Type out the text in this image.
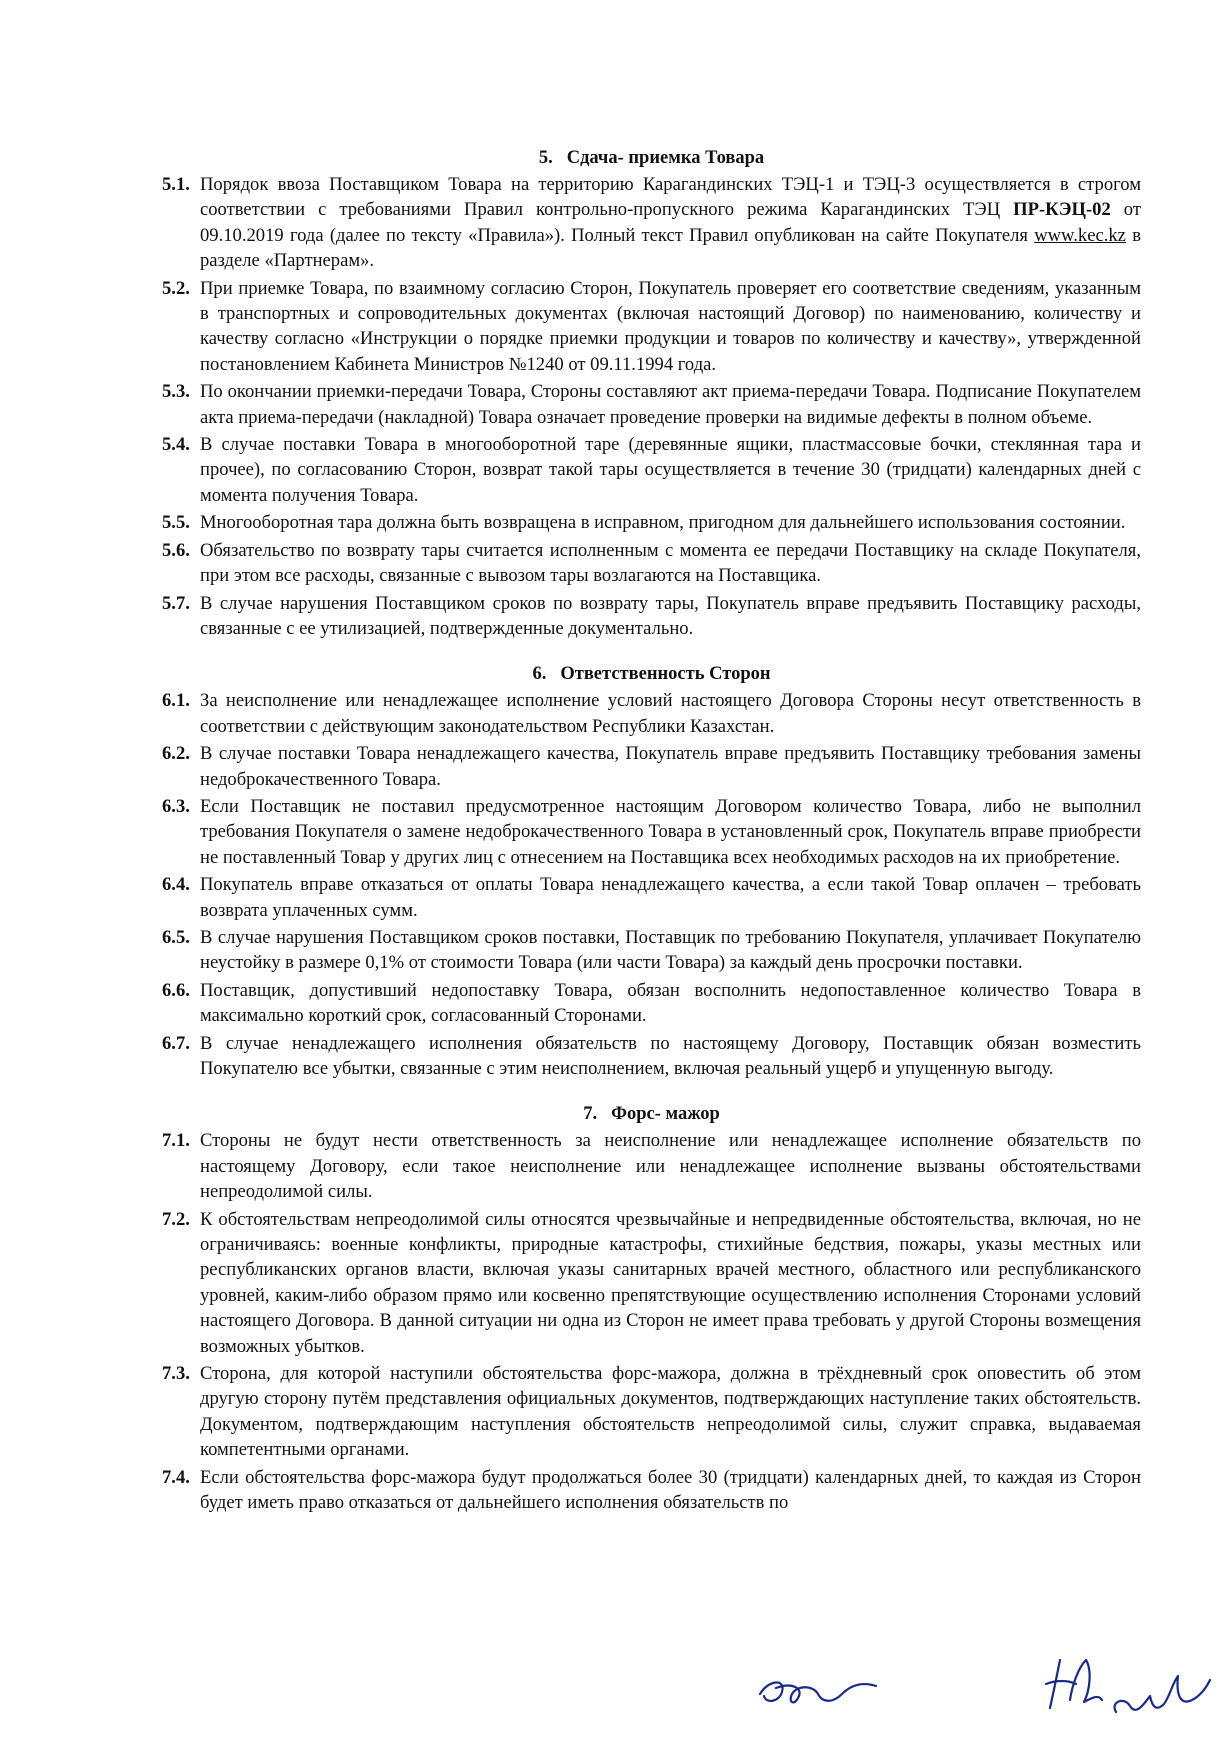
5. Сдача- приемка Товара
5.1. Порядок ввоза Поставщиком Товара на территорию Карагандинских ТЭЦ-1 и ТЭЦ-3 осуществляется в строгом соответствии с требованиями Правил контрольно-пропускного режима Карагандинских ТЭЦ ПР-КЭЦ-02 от 09.10.2019 года (далее по тексту «Правила»). Полный текст Правил опубликован на сайте Покупателя www.kec.kz в разделе «Партнерам».
5.2. При приемке Товара, по взаимному согласию Сторон, Покупатель проверяет его соответствие сведениям, указанным в транспортных и сопроводительных документах (включая настоящий Договор) по наименованию, количеству и качеству согласно «Инструкции о порядке приемки продукции и товаров по количеству и качеству», утвержденной постановлением Кабинета Министров №1240 от 09.11.1994 года.
5.3. По окончании приемки-передачи Товара, Стороны составляют акт приема-передачи Товара. Подписание Покупателем акта приема-передачи (накладной) Товара означает проведение проверки на видимые дефекты в полном объеме.
5.4. В случае поставки Товара в многооборотной таре (деревянные ящики, пластмассовые бочки, стеклянная тара и прочее), по согласованию Сторон, возврат такой тары осуществляется в течение 30 (тридцати) календарных дней с момента получения Товара.
5.5. Многооборотная тара должна быть возвращена в исправном, пригодном для дальнейшего использования состоянии.
5.6. Обязательство по возврату тары считается исполненным с момента ее передачи Поставщику на складе Покупателя, при этом все расходы, связанные с вывозом тары возлагаются на Поставщика.
5.7. В случае нарушения Поставщиком сроков по возврату тары, Покупатель вправе предъявить Поставщику расходы, связанные с ее утилизацией, подтвержденные документально.
6. Ответственность Сторон
6.1. За неисполнение или ненадлежащее исполнение условий настоящего Договора Стороны несут ответственность в соответствии с действующим законодательством Республики Казахстан.
6.2. В случае поставки Товара ненадлежащего качества, Покупатель вправе предъявить Поставщику требования замены недоброкачественного Товара.
6.3. Если Поставщик не поставил предусмотренное настоящим Договором количество Товара, либо не выполнил требования Покупателя о замене недоброкачественного Товара в установленный срок, Покупатель вправе приобрести не поставленный Товар у других лиц с отнесением на Поставщика всех необходимых расходов на их приобретение.
6.4. Покупатель вправе отказаться от оплаты Товара ненадлежащего качества, а если такой Товар оплачен – требовать возврата уплаченных сумм.
6.5. В случае нарушения Поставщиком сроков поставки, Поставщик по требованию Покупателя, уплачивает Покупателю неустойку в размере 0,1% от стоимости Товара (или части Товара) за каждый день просрочки поставки.
6.6. Поставщик, допустивший недопоставку Товара, обязан восполнить недопоставленное количество Товара в максимально короткий срок, согласованный Сторонами.
6.7. В случае ненадлежащего исполнения обязательств по настоящему Договору, Поставщик обязан возместить Покупателю все убытки, связанные с этим неисполнением, включая реальный ущерб и упущенную выгоду.
7. Форс- мажор
7.1. Стороны не будут нести ответственность за неисполнение или ненадлежащее исполнение обязательств по настоящему Договору, если такое неисполнение или ненадлежащее исполнение вызваны обстоятельствами непреодолимой силы.
7.2. К обстоятельствам непреодолимой силы относятся чрезвычайные и непредвиденные обстоятельства, включая, но не ограничиваясь: военные конфликты, природные катастрофы, стихийные бедствия, пожары, указы местных или республиканских органов власти, включая указы санитарных врачей местного, областного или республиканского уровней, каким-либо образом прямо или косвенно препятствующие осуществлению исполнения Сторонами условий настоящего Договора. В данной ситуации ни одна из Сторон не имеет права требовать у другой Стороны возмещения возможных убытков.
7.3. Сторона, для которой наступили обстоятельства форс-мажора, должна в трёхдневный срок оповестить об этом другую сторону путём представления официальных документов, подтверждающих наступление таких обстоятельств. Документом, подтверждающим наступления обстоятельств непреодолимой силы, служит справка, выдаваемая компетентными органами.
7.4. Если обстоятельства форс-мажора будут продолжаться более 30 (тридцати) календарных дней, то каждая из Сторон будет иметь право отказаться от дальнейшего исполнения обязательств по
